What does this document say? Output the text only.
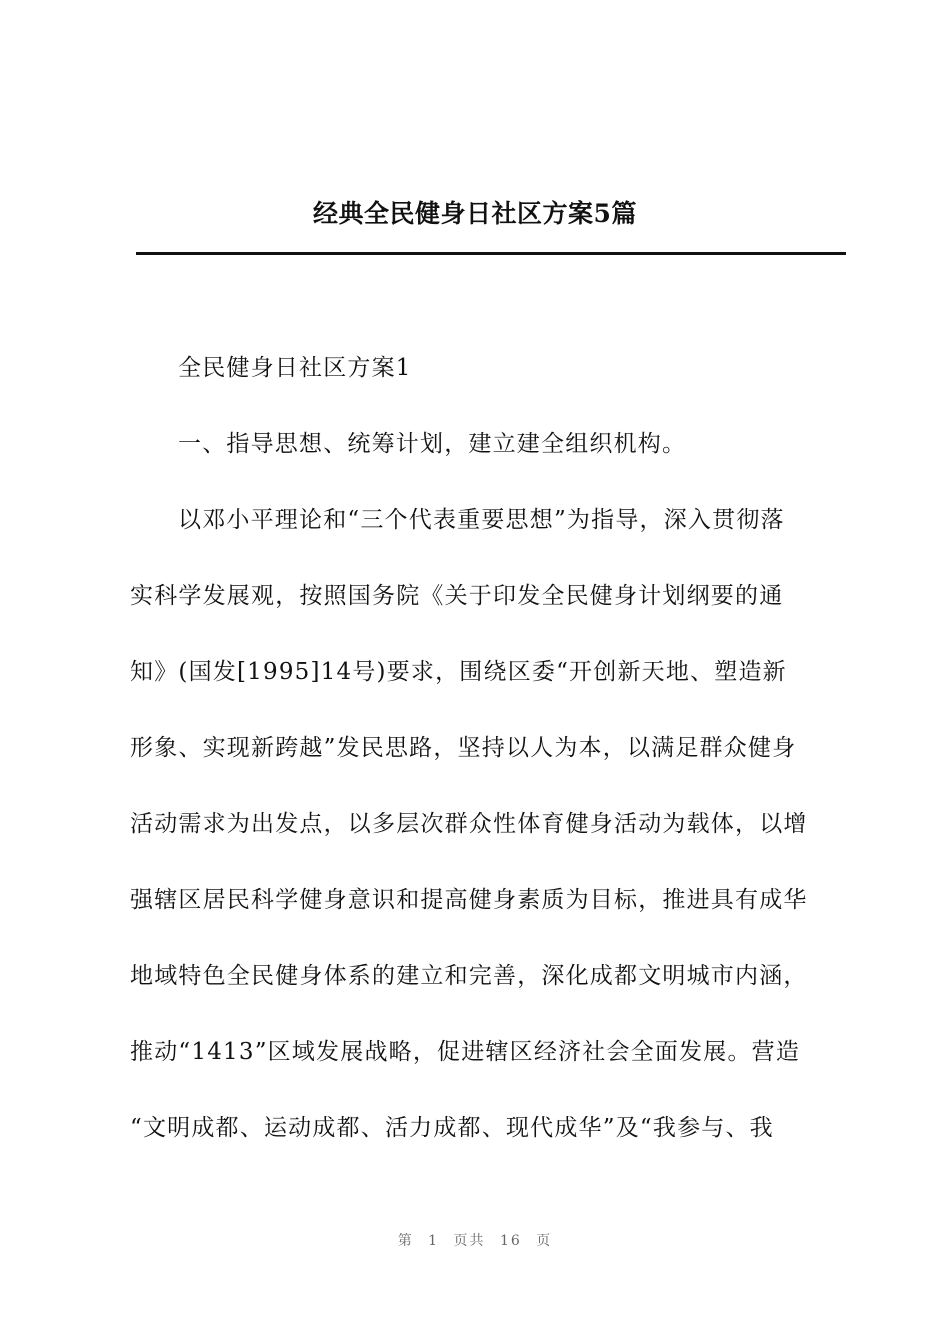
经典全民健身日社区方案5篇
全民健身日社区方案1
一、指导思想、统筹计划，建立建全组织机构。
以邓小平理论和“三个代表重要思想”为指导，深入贯彻落
实科学发展观，按照国务院《关于印发全民健身计划纲要的通
知》(国发[1995]14号)要求，围绕区委“开创新天地、塑造新
形象、实现新跨越”发民思路，坚持以人为本，以满足群众健身
活动需求为出发点，以多层次群众性体育健身活动为载体，以增
强辖区居民科学健身意识和提高健身素质为目标，推进具有成华
地域特色全民健身体系的建立和完善，深化成都文明城市内涵，
推动“1413”区域发展战略，促进辖区经济社会全面发展。营造
“文明成都、运动成都、活力成都、现代成华”及“我参与、我
第 1 页共 16 页
